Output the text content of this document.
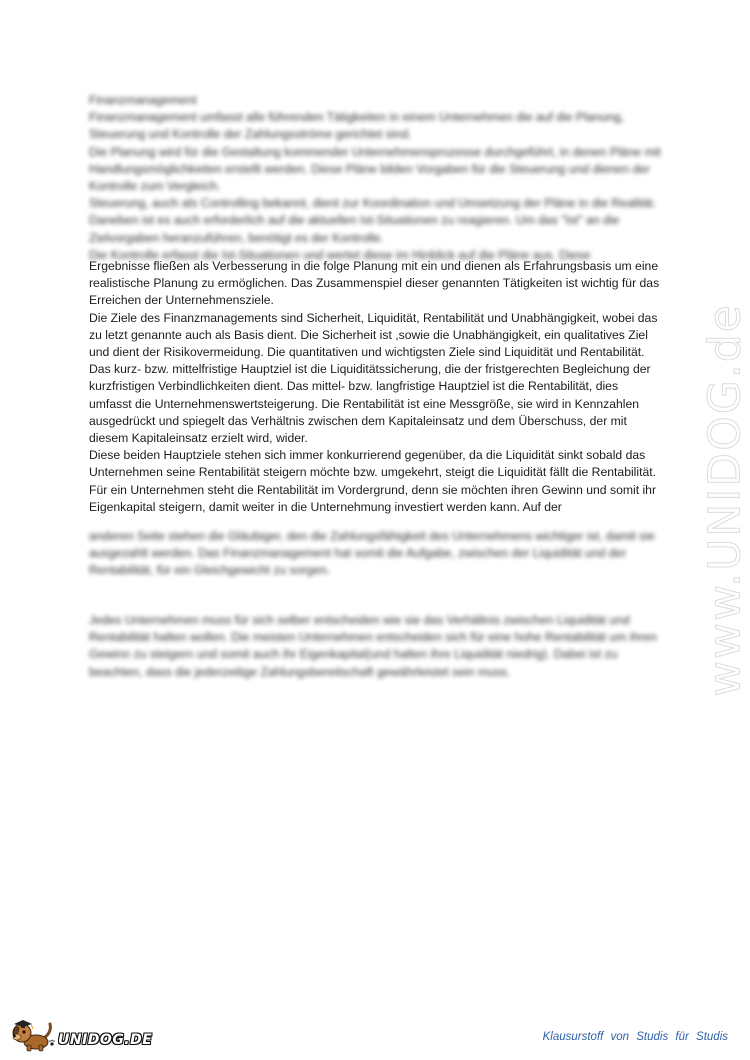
Finanzmanagement
Finanzmanagement umfasst alle führenden Tätigkeiten in einem Unternehmen die auf die Planung, Steuerung und Kontrolle der Zahlungsströme gerichtet sind.
Die Planung wird für die Gestaltung kommender Unternehmensprozesse durchgeführt, in denen Pläne mit Handlungsmöglichkeiten erstellt werden. Diese Pläne bilden Vorgaben für die Steuerung und dienen der Kontrolle zum Vergleich.
Steuerung, auch als Controlling bekannt, dient zur Koordination und Umsetzung der Pläne in die Realität. Daneben ist es auch erforderlich auf die aktuellen Ist-Situationen zu reagieren. Um das "Ist" an die Zielvorgaben heranzuführen, benötigt es der Kontrolle.
Die Kontrolle erfasst die Ist-Situationen und wertet diese im Hinblick auf die Pläne aus. Diese
Ergebnisse fließen als Verbesserung in die folge Planung mit ein und dienen als Erfahrungsbasis um eine realistische Planung zu ermöglichen. Das Zusammenspiel dieser genannten Tätigkeiten ist wichtig für das Erreichen der Unternehmensziele.
Die Ziele des Finanzmanagements sind Sicherheit, Liquidität, Rentabilität und Unabhängigkeit, wobei das zu letzt genannte auch als Basis dient. Die Sicherheit ist ,sowie die Unabhängigkeit, ein qualitatives Ziel und dient der Risikovermeidung. Die quantitativen und wichtigsten Ziele sind Liquidität und Rentabilität. Das kurz- bzw. mittelfristige Hauptziel ist die Liquiditätssicherung, die der fristgerechten Begleichung der kurzfristigen Verbindlichkeiten dient. Das mittel- bzw. langfristige Hauptziel ist die Rentabilität, dies umfasst die Unternehmenswertsteigerung. Die Rentabilität ist eine Messgröße, sie wird in Kennzahlen ausgedrückt und spiegelt das Verhältnis zwischen dem Kapitaleinsatz und dem Überschuss, der mit diesem Kapitaleinsatz erzielt wird, wider.
Diese beiden Hauptziele stehen sich immer konkurrierend gegenüber, da die Liquidität sinkt sobald das Unternehmen seine Rentabilität steigern möchte bzw. umgekehrt, steigt die Liquidität fällt die Rentabilität.
Für ein Unternehmen steht die Rentabilität im Vordergrund, denn sie möchten ihren Gewinn und somit ihr Eigenkapital steigern, damit weiter in die Unternehmung investiert werden kann. Auf der
anderen Seite stehen die Gläubiger, den die Zahlungsfähigkeit des Unternehmens wichtiger ist, damit sie ausgezahlt werden. Das Finanzmanagement hat somit die Aufgabe, zwischen der Liquidität und der Rentabilität, für ein Gleichgewicht zu sorgen.
Jedes Unternehmen muss für sich selber entscheiden wie sie das Verhältnis zwischen Liquidität und Rentabilität halten wollen. Die meisten Unternehmen entscheiden sich für eine hohe Rentabilität um ihren Gewinn zu steigern und somit auch ihr Eigenkapital(und halten ihre Liquidität niedrig). Dabei ist zu beachten, dass die jederzeitige Zahlungsbereitschaft gewährleistet sein muss.	www.UNIDOG.de
UNIDOG.DE	Klausurstoff von Studis für Studis
